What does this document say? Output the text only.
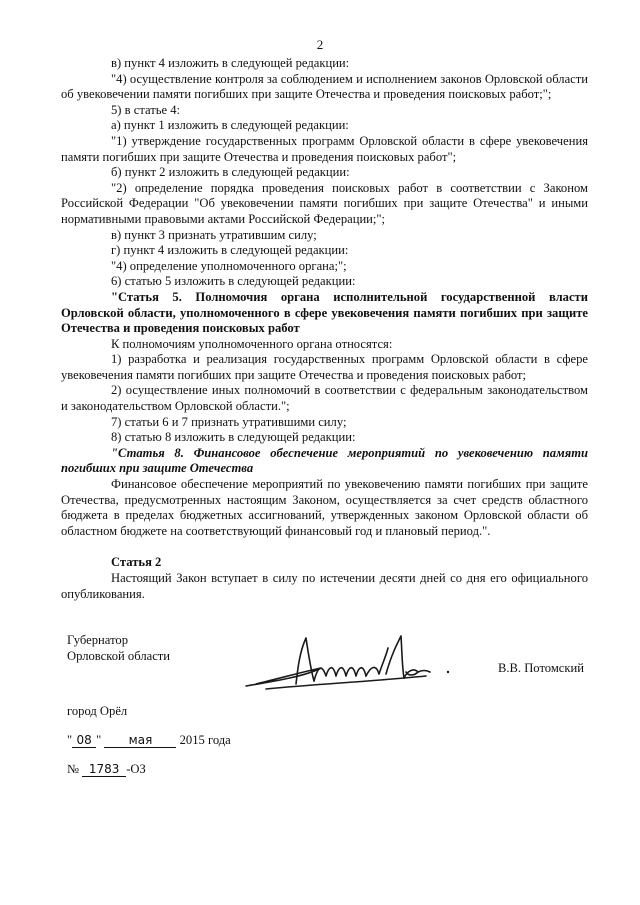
2

в) пункт 4 изложить в следующей редакции:

"4) осуществление контроля за соблюдением и исполнением законов Орловской области об увековечении памяти погибших при защите Отечества и проведения поисковых работ;";

5) в статье 4:

а) пункт 1 изложить в следующей редакции:

"1) утверждение государственных программ Орловской области в сфере увековечения памяти погибших при защите Отечества и проведения поисковых работ";

б) пункт 2 изложить в следующей редакции:

"2) определение порядка проведения поисковых работ в соответствии с Законом Российской Федерации "Об увековечении памяти погибших при защите Отечества" и иными нормативными правовыми актами Российской Федерации;";

в) пункт 3 признать утратившим силу;

г) пункт 4 изложить в следующей редакции:

"4) определение уполномоченного органа;";

6) статью 5 изложить в следующей редакции:

"Статья 5. Полномочия органа исполнительной государственной власти Орловской области, уполномоченного в сфере увековечения памяти погибших при защите Отечества и проведения поисковых работ

К полномочиям уполномоченного органа относятся:

1) разработка и реализация государственных программ Орловской области в сфере увековечения памяти погибших при защите Отечества и проведения поисковых работ;

2) осуществление иных полномочий в соответствии с федеральным законодательством и законодательством Орловской области.";

7) статьи 6 и 7 признать утратившими силу;

8) статью 8 изложить в следующей редакции:

"Статья 8. Финансовое обеспечение мероприятий по увековечению памяти погибших при защите Отечества

Финансовое обеспечение мероприятий по увековечению памяти погибших при защите Отечества, предусмотренных настоящим Законом, осуществляется за счет средств областного бюджета в пределах бюджетных ассигнований, утвержденных законом Орловской области об областном бюджете на соответствующий финансовый год и плановый период.".

Статья 2

Настоящий Закон вступает в силу по истечении десяти дней со дня его официального опубликования.

Губернатор
Орловской области
В.В. Потомский
город Орёл
" 08 " мая 2015 года
№ 1783 -ОЗ
